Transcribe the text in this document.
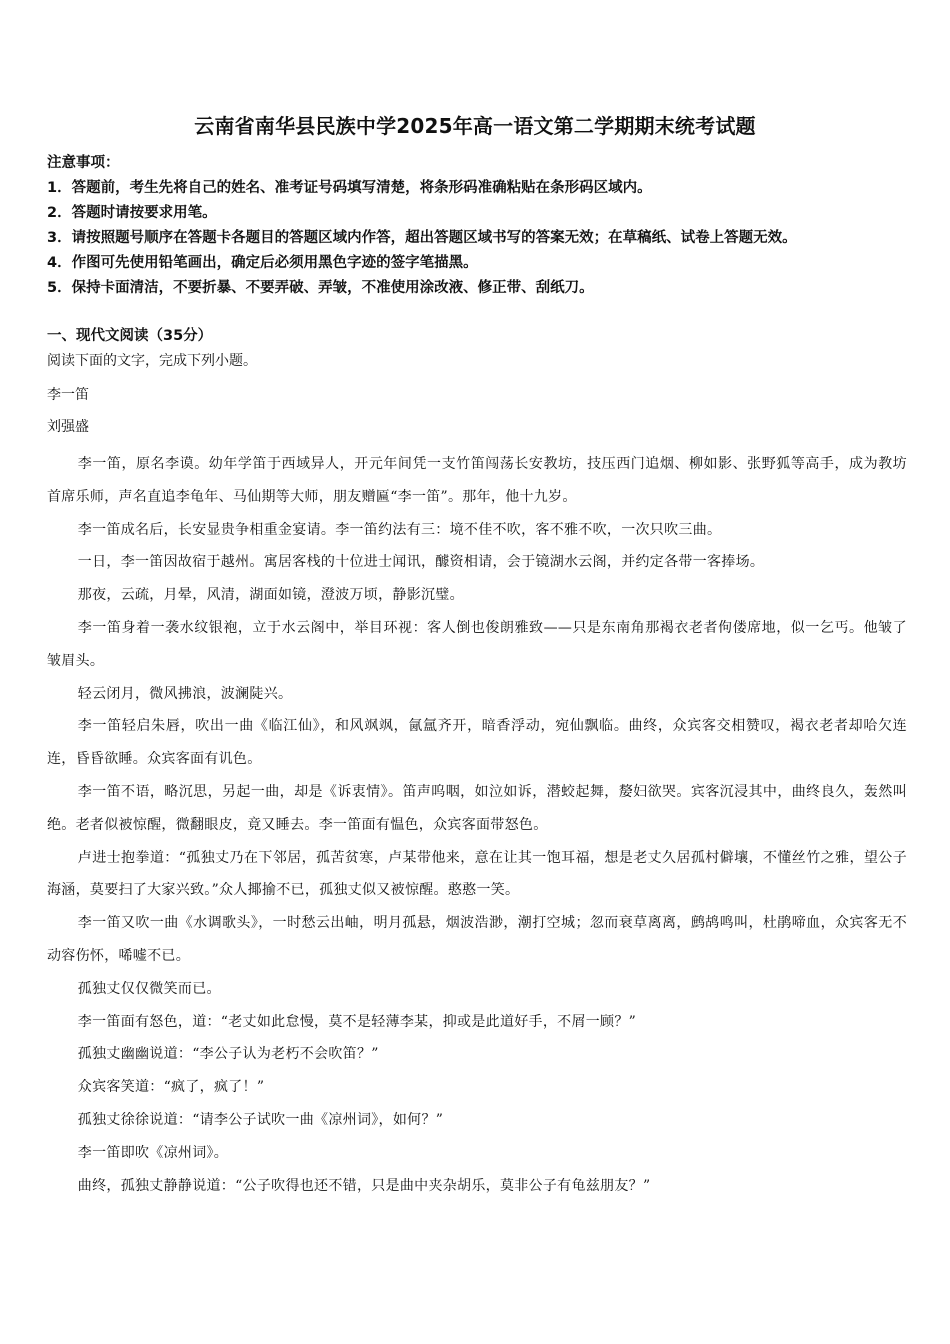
云南省南华县民族中学2025年高一语文第二学期期末统考试题
注意事项：
1．答题前，考生先将自己的姓名、准考证号码填写清楚，将条形码准确粘贴在条形码区域内。
2．答题时请按要求用笔。
3．请按照题号顺序在答题卡各题目的答题区域内作答，超出答题区域书写的答案无效；在草稿纸、试卷上答题无效。
4．作图可先使用铅笔画出，确定后必须用黑色字迹的签字笔描黑。
5．保持卡面清洁，不要折暴、不要弄破、弄皱，不准使用涂改液、修正带、刮纸刀。
一、现代文阅读（35分）
阅读下面的文字，完成下列小题。
李一笛
刘强盛

李一笛，原名李谟。幼年学笛于西域异人，开元年间凭一支竹笛闯荡长安教坊，技压西门追烟、柳如影、张野狐等高手，成为教坊首席乐师，声名直追李龟年、马仙期等大师，朋友赠匾“李一笛”。那年，他十九岁。

李一笛成名后，长安显贵争相重金宴请。李一笛约法有三：境不佳不吹，客不雅不吹，一次只吹三曲。

一日，李一笛因故宿于越州。寓居客栈的十位进士闻讯，醵资相请，会于镜湖水云阁，并约定各带一客捧场。

那夜，云疏，月晕，风清，湖面如镜，澄波万顷，静影沉璧。

李一笛身着一袭水纹银袍，立于水云阁中，举目环视：客人倒也俊朗雅致——只是东南角那褐衣老者佝偻席地，似一乞丐。他皱了皱眉头。

轻云闭月，微风拂浪，波澜陡兴。

李一笛轻启朱唇，吹出一曲《临江仙》，和风飒飒，氤氲齐开，暗香浮动，宛仙飘临。曲终，众宾客交相赞叹，褐衣老者却哈欠连连，昏昏欲睡。众宾客面有讥色。

李一笛不语，略沉思，另起一曲，却是《诉衷情》。笛声呜咽，如泣如诉，潜蛟起舞，嫠妇欲哭。宾客沉浸其中，曲终良久，轰然叫绝。老者似被惊醒，微翻眼皮，竟又睡去。李一笛面有愠色，众宾客面带怒色。

卢进士抱拳道：“孤独丈乃在下邻居，孤苦贫寒，卢某带他来，意在让其一饱耳福，想是老丈久居孤村僻壤，不懂丝竹之雅，望公子海涵，莫要扫了大家兴致。”众人揶揄不已，孤独丈似又被惊醒。憨憨一笑。

李一笛又吹一曲《水调歌头》，一时愁云出岫，明月孤悬，烟波浩渺，潮打空城；忽而衰草离离，鹧鸪鸣叫，杜鹃啼血，众宾客无不动容伤怀，唏嘘不已。

孤独丈仅仅微笑而已。

李一笛面有怒色，道：“老丈如此怠慢，莫不是轻薄李某，抑或是此道好手，不屑一顾？”

孤独丈幽幽说道：“李公子认为老朽不会吹笛？”

众宾客笑道：“疯了，疯了！”

孤独丈徐徐说道：“请李公子试吹一曲《凉州词》，如何？”

李一笛即吹《凉州词》。

曲终，孤独丈静静说道：“公子吹得也还不错，只是曲中夹杂胡乐，莫非公子有龟兹朋友？”
